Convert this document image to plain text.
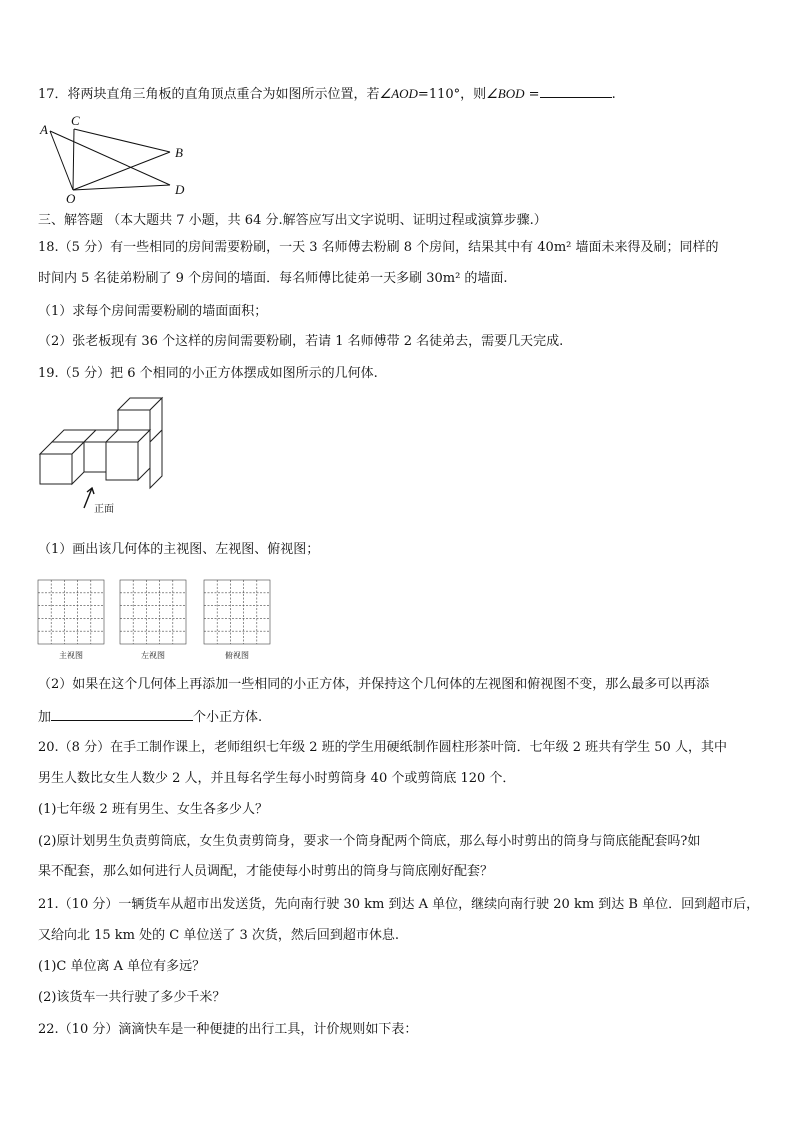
17．将两块直角三角板的直角顶点重合为如图所示位置，若∠AOD=110°，则∠BOD =	.
A
C
B
D
O
三、解答题 （本大题共 7 小题，共 64 分.解答应写出文字说明、证明过程或演算步骤.）
18.（5 分）有一些相同的房间需要粉刷，一天 3 名师傅去粉刷 8 个房间，结果其中有 40m² 墙面未来得及刷；同样的
时间内 5 名徒弟粉刷了 9 个房间的墙面．每名师傅比徒弟一天多刷 30m² 的墙面.
（1）求每个房间需要粉刷的墙面面积；
（2）张老板现有 36 个这样的房间需要粉刷，若请 1 名师傅带 2 名徒弟去，需要几天完成.
19.（5 分）把 6 个相同的小正方体摆成如图所示的几何体.
正面
（1）画出该几何体的主视图、左视图、俯视图；
主视图	左视图	俯视图
（2）如果在这个几何体上再添加一些相同的小正方体，并保持这个几何体的左视图和俯视图不变，那么最多可以再添
加	个小正方体.
20.（8 分）在手工制作课上，老师组织七年级 2 班的学生用硬纸制作圆柱形茶叶筒．七年级 2 班共有学生 50 人，其中
男生人数比女生人数少 2 人，并且每名学生每小时剪筒身 40 个或剪筒底 120 个．
(1)七年级 2 班有男生、女生各多少人？
(2)原计划男生负责剪筒底，女生负责剪筒身，要求一个筒身配两个筒底，那么每小时剪出的筒身与筒底能配套吗?如
果不配套，那么如何进行人员调配，才能使每小时剪出的筒身与筒底刚好配套？
21.（10 分）一辆货车从超市出发送货，先向南行驶 30 km 到达 A 单位，继续向南行驶 20 km 到达 B 单位．回到超市后，
又给向北 15 km 处的 C 单位送了 3 次货，然后回到超市休息.
(1)C 单位离 A 单位有多远？
(2)该货车一共行驶了多少千米？
22.（10 分）滴滴快车是一种便捷的出行工具，计价规则如下表：
